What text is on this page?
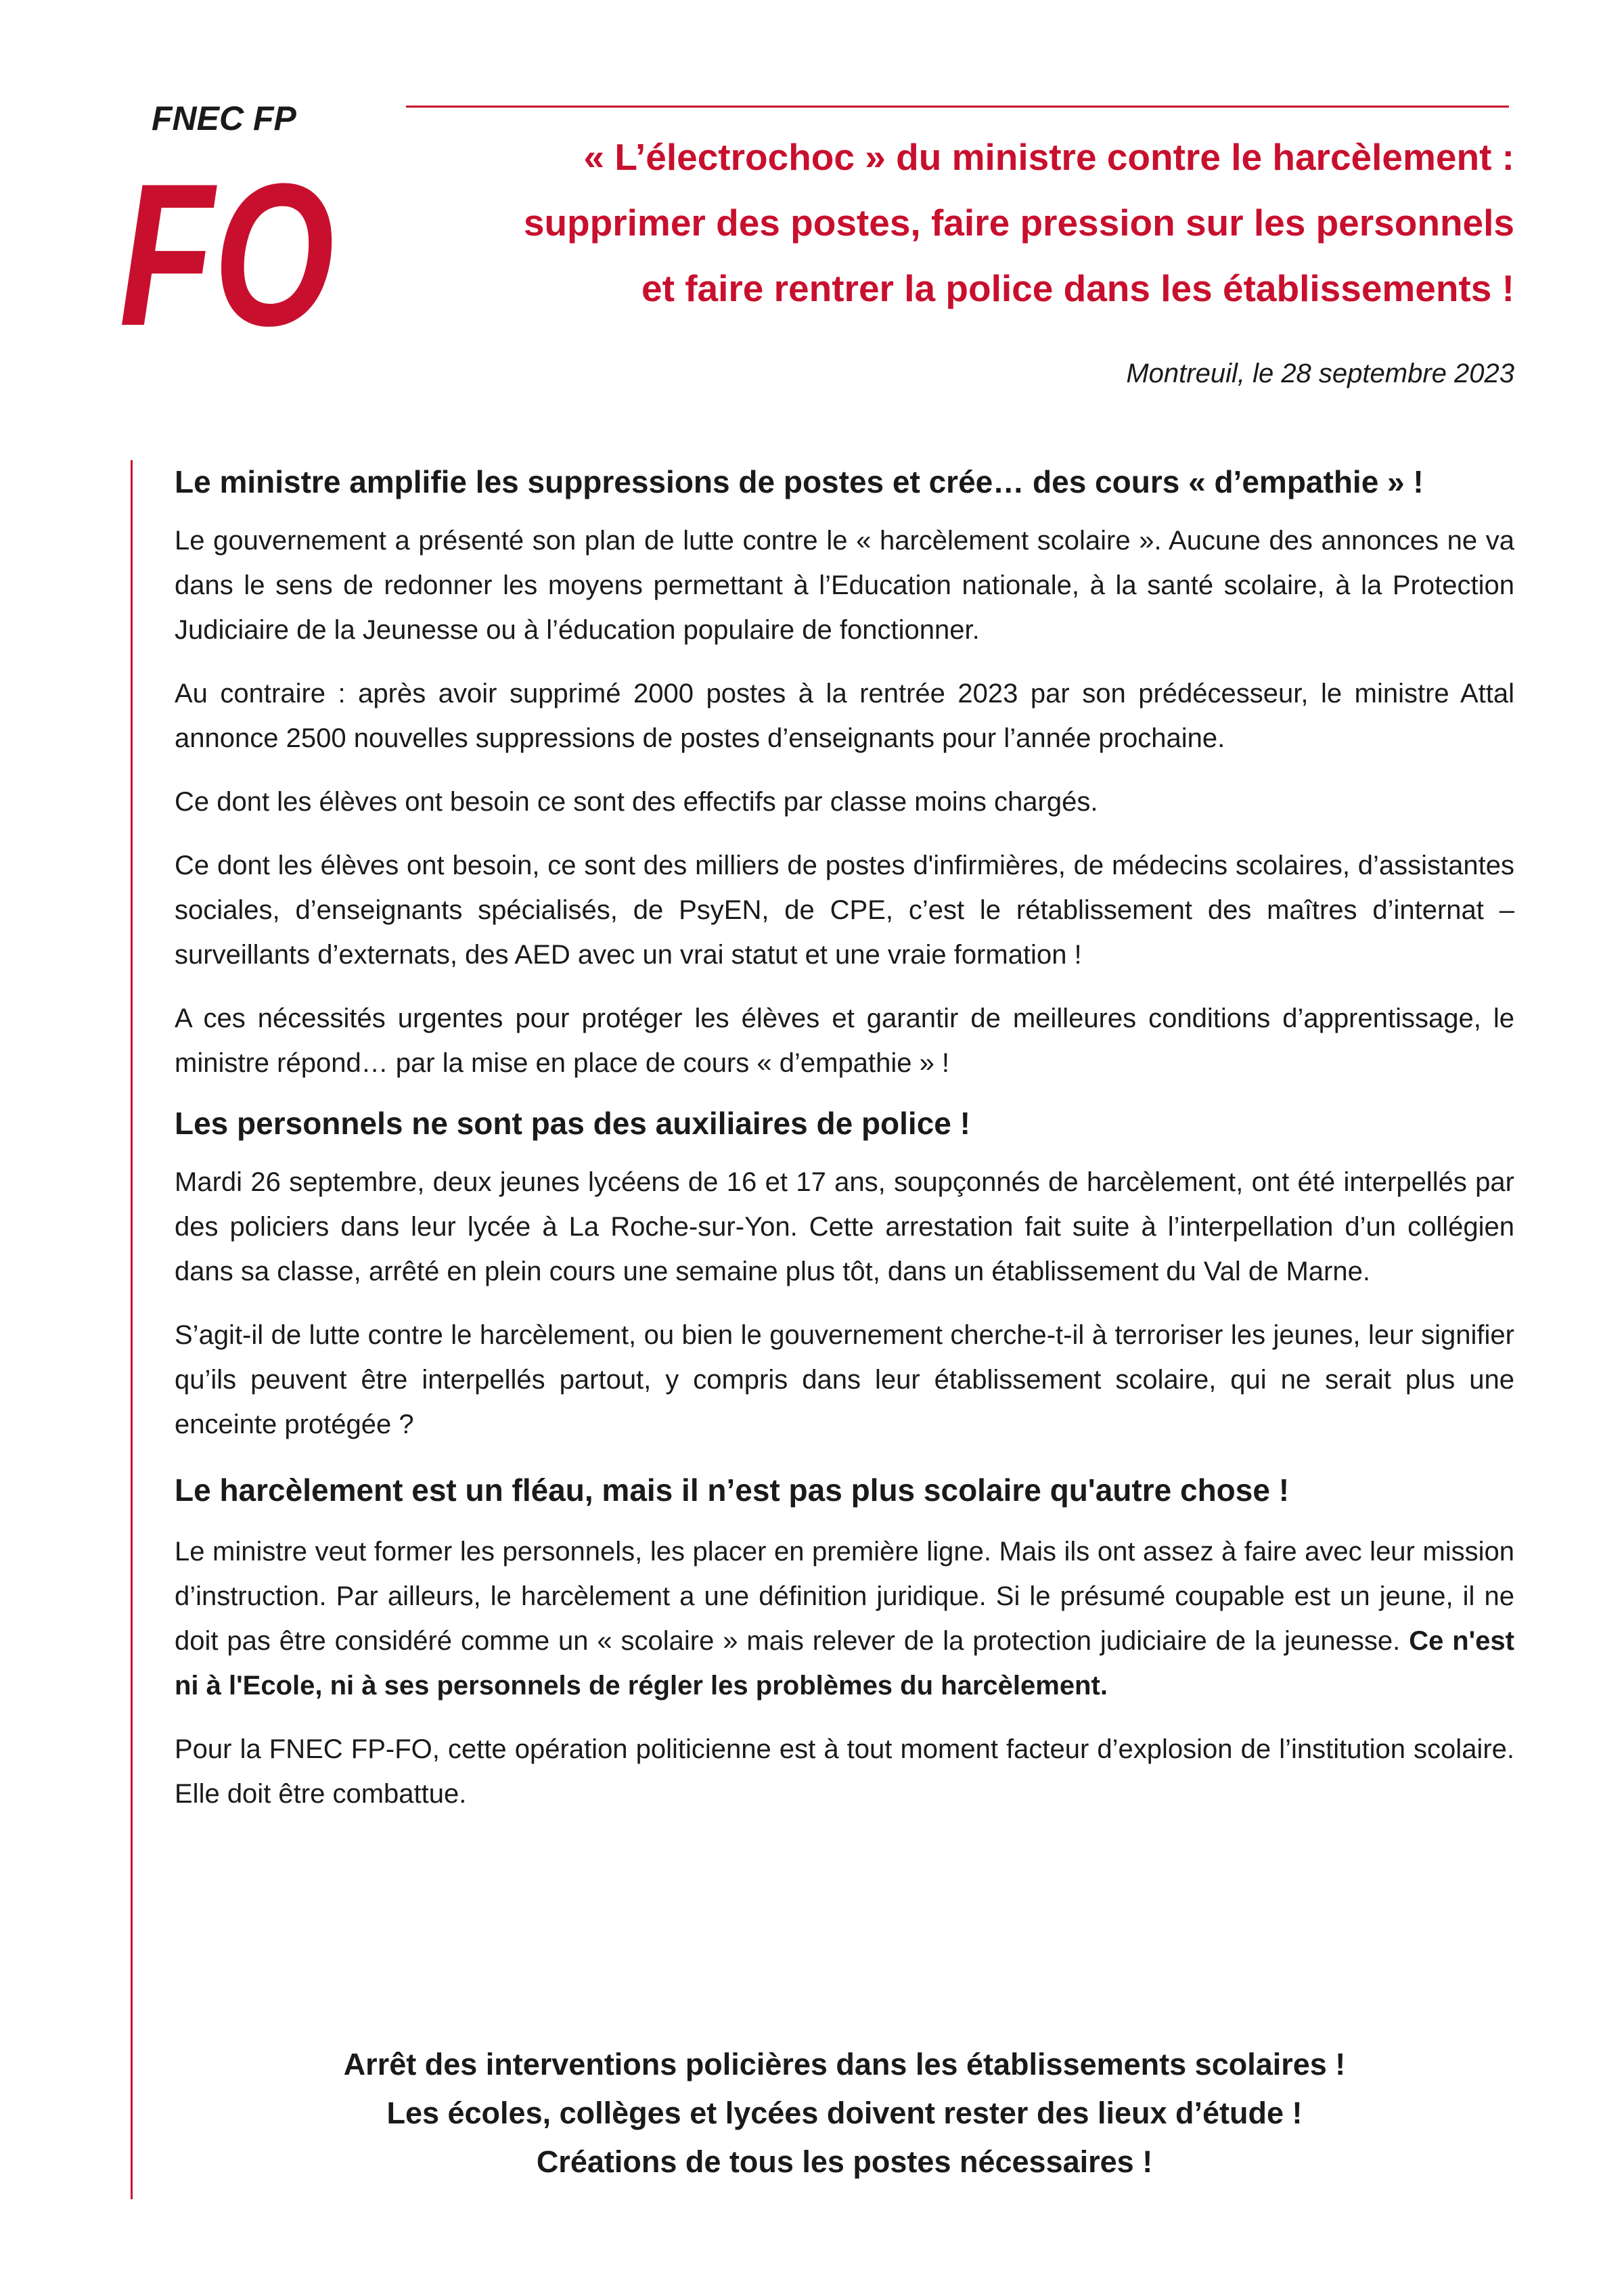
FNEC FP
FO	« L’électrochoc » du ministre contre le harcèlement :
supprimer des postes, faire pression sur les personnels
et faire rentrer la police dans les établissements !

Montreuil, le 28 septembre 2023

Le ministre amplifie les suppressions de postes et crée… des cours « d’empathie » !

Le gouvernement a présenté son plan de lutte contre le « harcèlement scolaire ». Aucune des annonces ne va dans le sens de redonner les moyens permettant à l’Education nationale, à la santé scolaire, à la Protection Judiciaire de la Jeunesse ou à l’éducation populaire de fonctionner.

Au contraire : après avoir supprimé 2000 postes à la rentrée 2023 par son prédécesseur, le ministre Attal annonce 2500 nouvelles suppressions de postes d’enseignants pour l’année prochaine.

Ce dont les élèves ont besoin ce sont des effectifs par classe moins chargés.

Ce dont les élèves ont besoin, ce sont des milliers de postes d'infirmières, de médecins scolaires, d’assistantes sociales, d’enseignants spécialisés, de PsyEN, de CPE, c’est le rétablissement des maîtres d’internat – surveillants d’externats, des AED avec un vrai statut et une vraie formation !

A ces nécessités urgentes pour protéger les élèves et garantir de meilleures conditions d’apprentissage, le ministre répond… par la mise en place de cours « d’empathie » !

Les personnels ne sont pas des auxiliaires de police !

Mardi 26 septembre, deux jeunes lycéens de 16 et 17 ans, soupçonnés de harcèlement, ont été interpellés par des policiers dans leur lycée à La Roche-sur-Yon. Cette arrestation fait suite à l’interpellation d’un collégien dans sa classe, arrêté en plein cours une semaine plus tôt, dans un établissement du Val de Marne.

S’agit-il de lutte contre le harcèlement, ou bien le gouvernement cherche-t-il à terroriser les jeunes, leur signifier qu’ils peuvent être interpellés partout, y compris dans leur établissement scolaire, qui ne serait plus une enceinte protégée ?

Le harcèlement est un fléau, mais il n’est pas plus scolaire qu'autre chose !

Le ministre veut former les personnels, les placer en première ligne. Mais ils ont assez à faire avec leur mission d’instruction. Par ailleurs, le harcèlement a une définition juridique. Si le présumé coupable est un jeune, il ne doit pas être considéré comme un « scolaire » mais relever de la protection judiciaire de la jeunesse. Ce n'est ni à l'Ecole, ni à ses personnels de régler les problèmes du harcèlement.

Pour la FNEC FP-FO, cette opération politicienne est à tout moment facteur d’explosion de l’institution scolaire. Elle doit être combattue.

Arrêt des interventions policières dans les établissements scolaires !
Les écoles, collèges et lycées doivent rester des lieux d’étude !
Créations de tous les postes nécessaires !
